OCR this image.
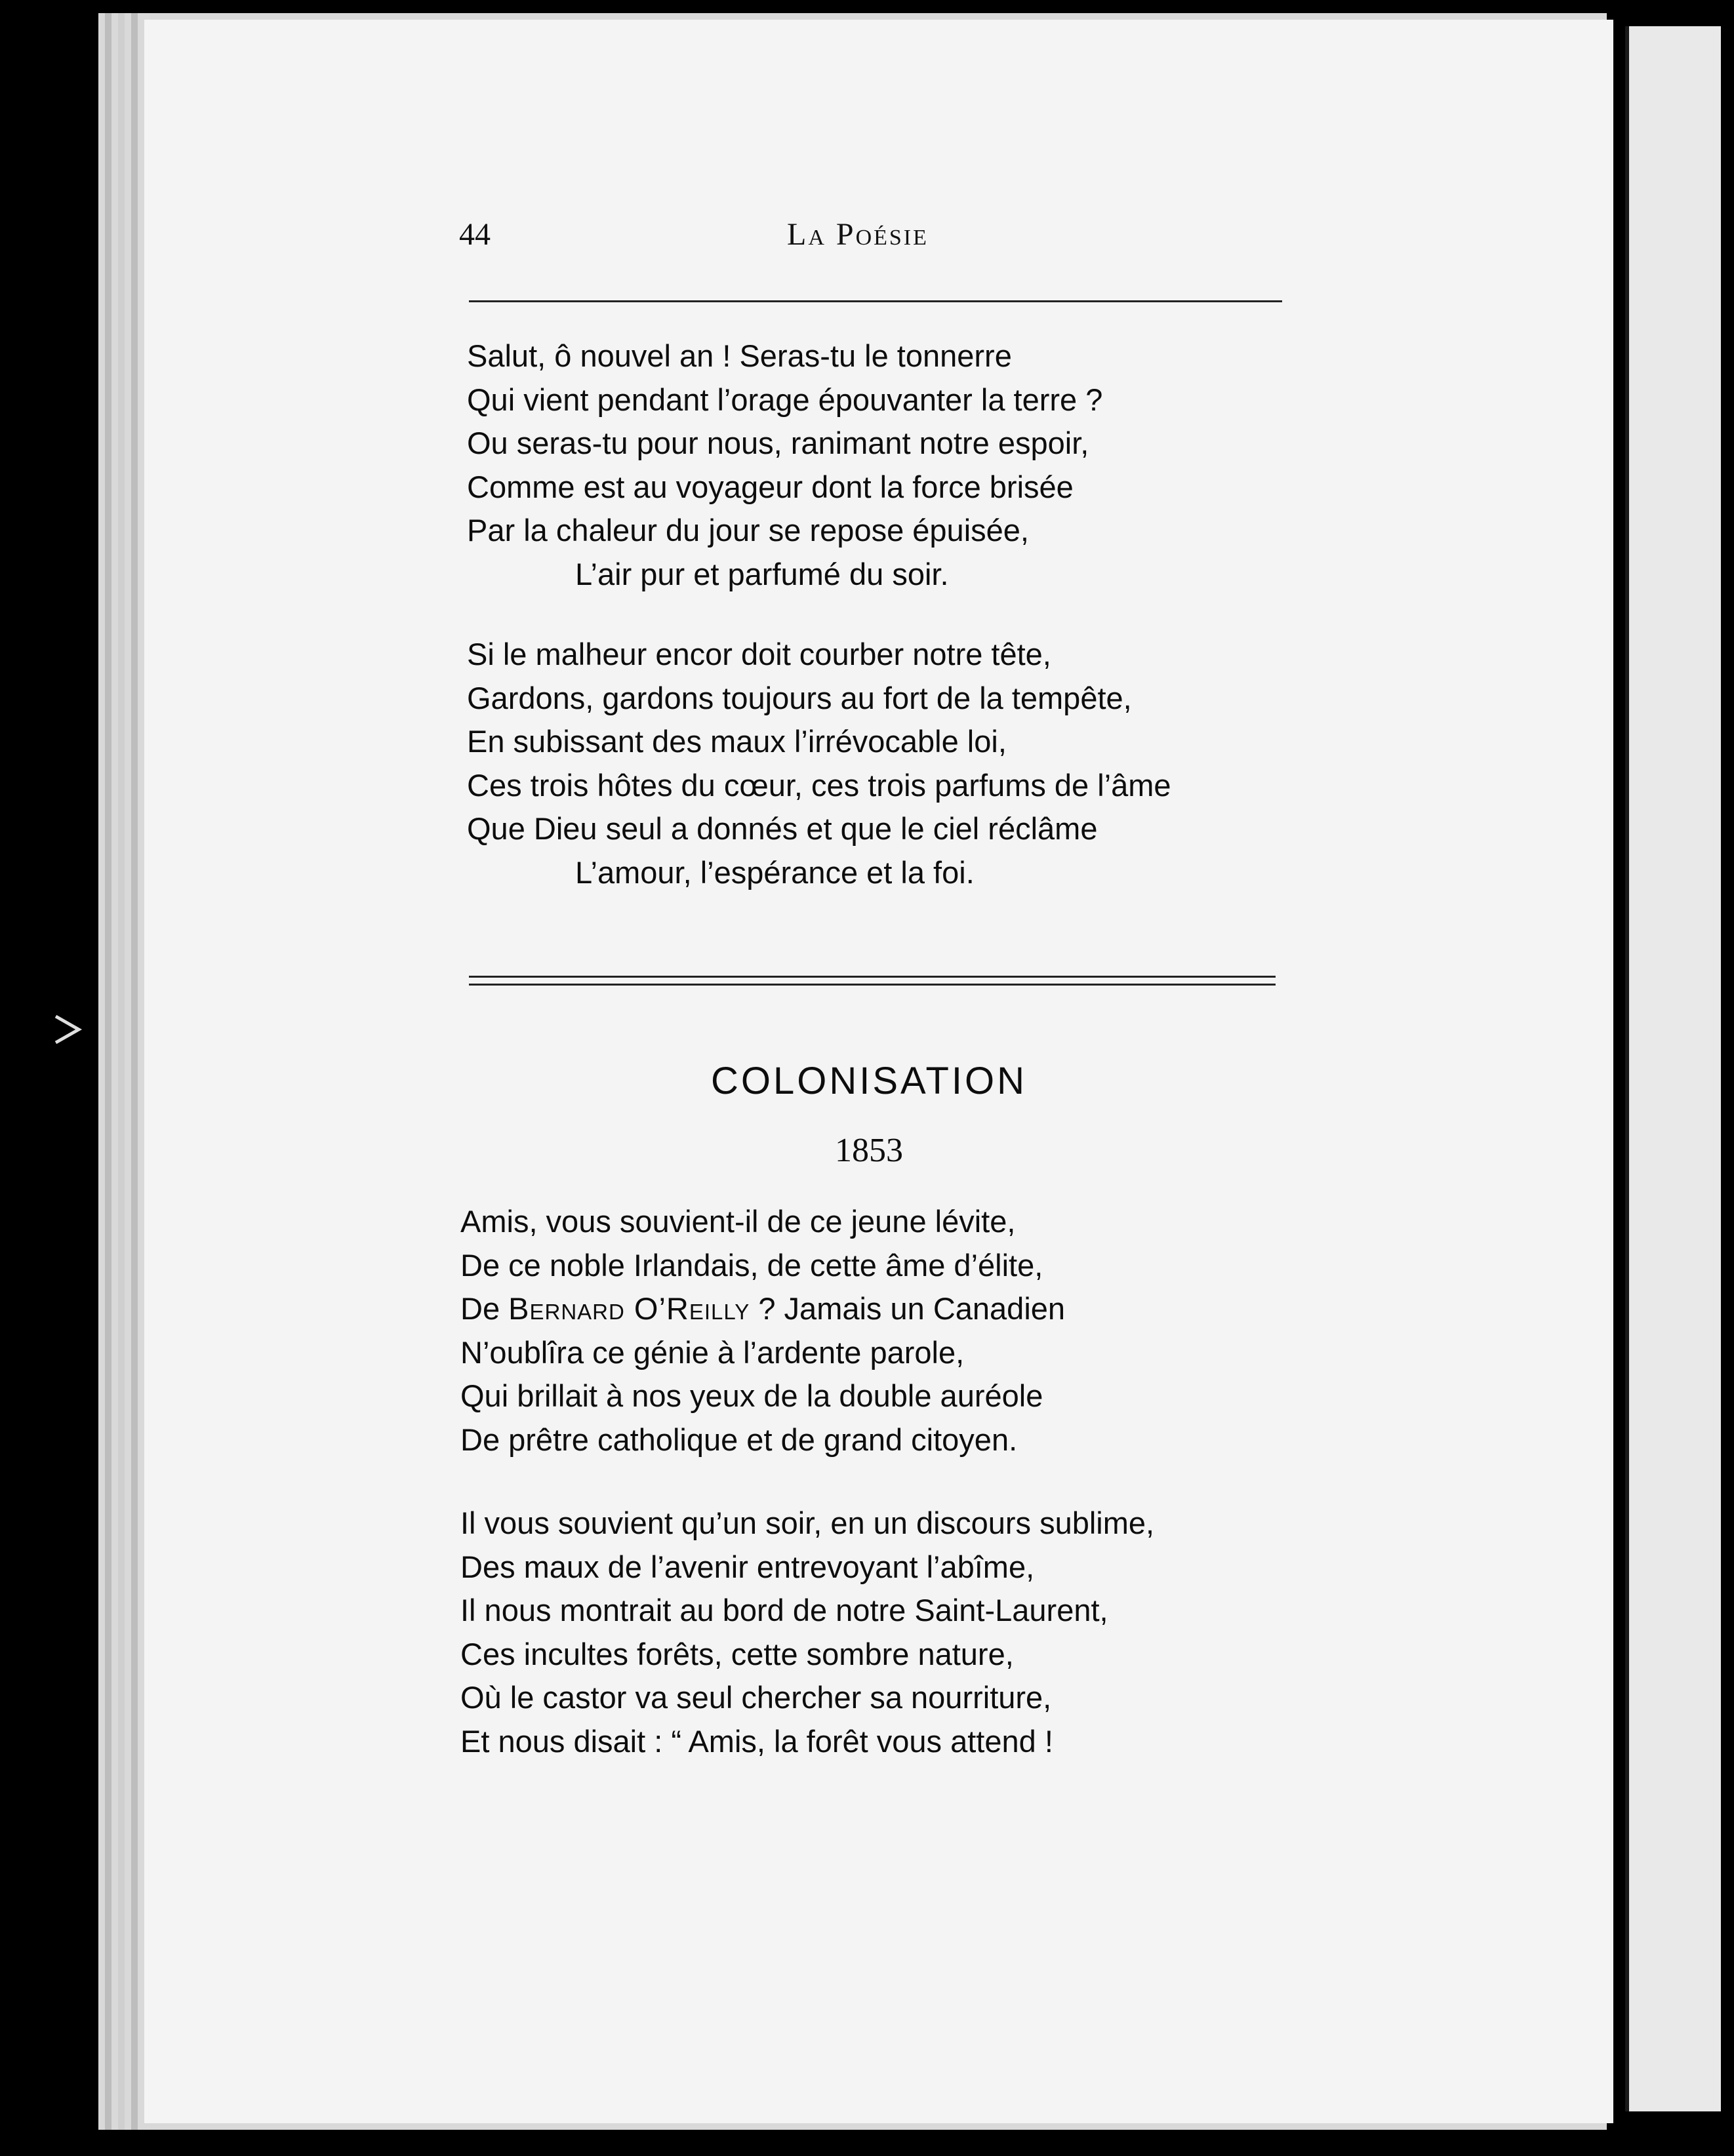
44	La Poésie
Salut, ô nouvel an ! Seras-tu le tonnerre
Qui vient pendant l’orage épouvanter la terre ?
Ou seras-tu pour nous, ranimant notre espoir,
Comme est au voyageur dont la force brisée
Par la chaleur du jour se repose épuisée,
L’air pur et parfumé du soir.
Si le malheur encor doit courber notre tête,
Gardons, gardons toujours au fort de la tempête,
En subissant des maux l’irrévocable loi,
Ces trois hôtes du cœur, ces trois parfums de l’âme
Que Dieu seul a donnés et que le ciel réclâme
L’amour, l’espérance et la foi.
COLONISATION
1853
Amis, vous souvient-il de ce jeune lévite,
De ce noble Irlandais, de cette âme d’élite,
De Bernard O’Reilly ? Jamais un Canadien
N’oublîra ce génie à l’ardente parole,
Qui brillait à nos yeux de la double auréole
De prêtre catholique et de grand citoyen.
Il vous souvient qu’un soir, en un discours sublime,
Des maux de l’avenir entrevoyant l’abîme,
Il nous montrait au bord de notre Saint-Laurent,
Ces incultes forêts, cette sombre nature,
Où le castor va seul chercher sa nourriture,
Et nous disait : “ Amis, la forêt vous attend !
